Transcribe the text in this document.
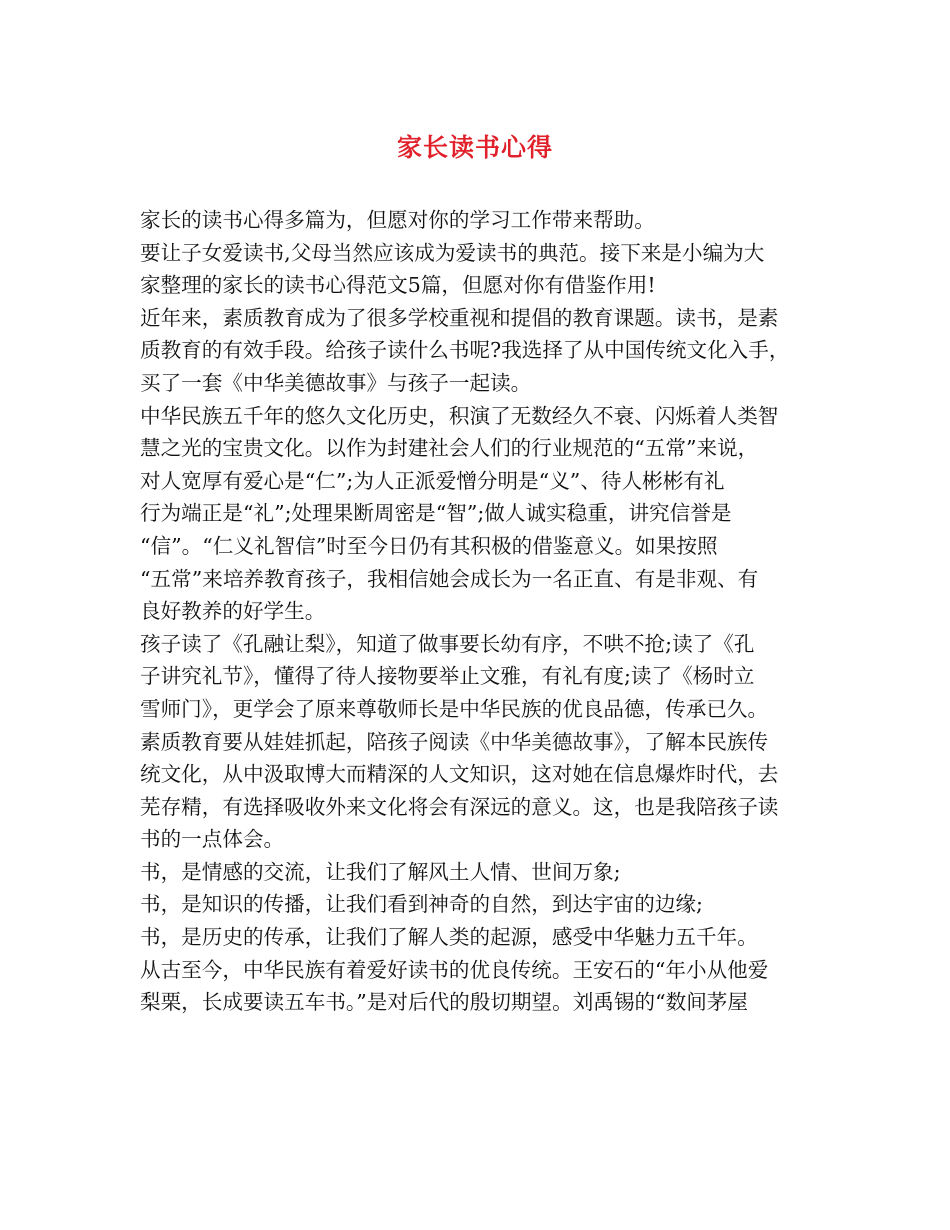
家长读书心得
家长的读书心得多篇为，但愿对你的学习工作带来帮助。
要让子女爱读书,父母当然应该成为爱读书的典范。接下来是小编为大
家整理的家长的读书心得范文5篇，但愿对你有借鉴作用!
近年来，素质教育成为了很多学校重视和提倡的教育课题。读书，是素
质教育的有效手段。给孩子读什么书呢?我选择了从中国传统文化入手，
买了一套《中华美德故事》与孩子一起读。
中华民族五千年的悠久文化历史，积演了无数经久不衰、闪烁着人类智
慧之光的宝贵文化。以作为封建社会人们的行业规范的“五常”来说，
对人宽厚有爱心是“仁”;为人正派爱憎分明是“义”、待人彬彬有礼
行为端正是“礼”;处理果断周密是“智”;做人诚实稳重，讲究信誉是
“信”。“仁义礼智信”时至今日仍有其积极的借鉴意义。如果按照
“五常”来培养教育孩子，我相信她会成长为一名正直、有是非观、有
良好教养的好学生。
孩子读了《孔融让梨》，知道了做事要长幼有序，不哄不抢;读了《孔
子讲究礼节》，懂得了待人接物要举止文雅，有礼有度;读了《杨时立
雪师门》，更学会了原来尊敬师长是中华民族的优良品德，传承已久。
素质教育要从娃娃抓起，陪孩子阅读《中华美德故事》，了解本民族传
统文化，从中汲取博大而精深的人文知识，这对她在信息爆炸时代，去
芜存精，有选择吸收外来文化将会有深远的意义。这，也是我陪孩子读
书的一点体会。
书，是情感的交流，让我们了解风土人情、世间万象;
书，是知识的传播，让我们看到神奇的自然，到达宇宙的边缘;
书，是历史的传承，让我们了解人类的起源，感受中华魅力五千年。
从古至今，中华民族有着爱好读书的优良传统。王安石的“年小从他爱
梨栗，长成要读五车书。”是对后代的殷切期望。刘禹锡的“数间茅屋
